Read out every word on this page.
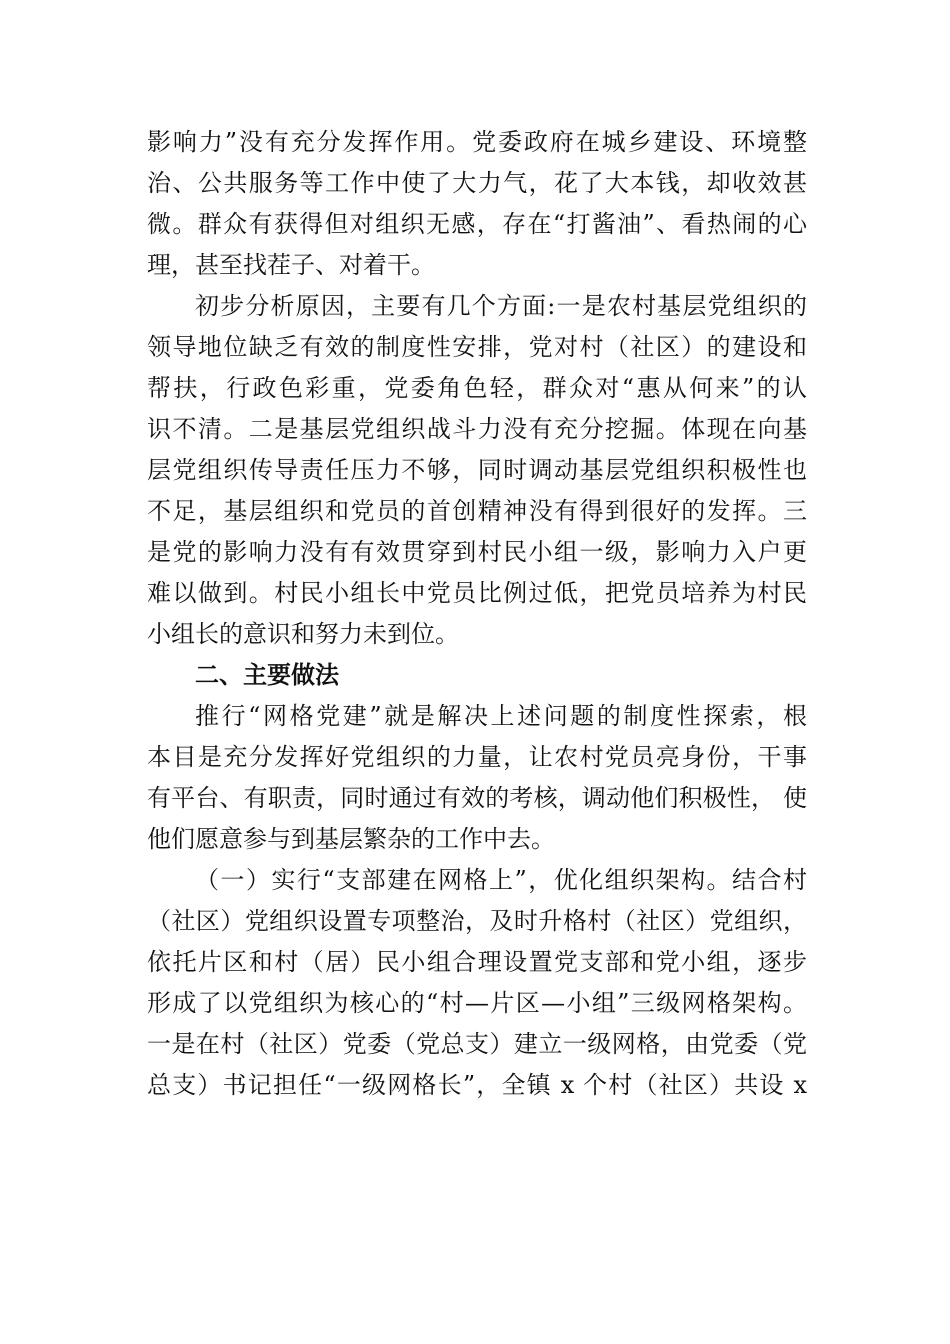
影响力”没有充分发挥作用。党委政府在城乡建设、环境整
治、公共服务等工作中使了大力气，花了大本钱，却收效甚
微。群众有获得但对组织无感，存在“打酱油”、看热闹的心
理，甚至找茬子、对着干。
初步分析原因，主要有几个方面:一是农村基层党组织的
领导地位缺乏有效的制度性安排，党对村（社区）的建设和
帮扶，行政色彩重，党委角色轻，群众对“惠从何来”的认
识不清。二是基层党组织战斗力没有充分挖掘。体现在向基
层党组织传导责任压力不够，同时调动基层党组织积极性也
不足，基层组织和党员的首创精神没有得到很好的发挥。三
是党的影响力没有有效贯穿到村民小组一级，影响力入户更
难以做到。村民小组长中党员比例过低，把党员培养为村民
小组长的意识和努力未到位。
二、主要做法
推行“网格党建”就是解决上述问题的制度性探索，根
本目是充分发挥好党组织的力量，让农村党员亮身份，干事
有平台、有职责，同时通过有效的考核，调动他们积极性， 使
他们愿意参与到基层繁杂的工作中去。
（一）实行“支部建在网格上”，优化组织架构。结合村
（社区）党组织设置专项整治，及时升格村（社区）党组织，
依托片区和村（居）民小组合理设置党支部和党小组，逐步
形成了以党组织为核心的“村—片区—小组”三级网格架构。
一是在村（社区）党委（党总支）建立一级网格，由党委（党
总支）书记担任“一级网格长”，全镇 x 个村（社区）共设 x
